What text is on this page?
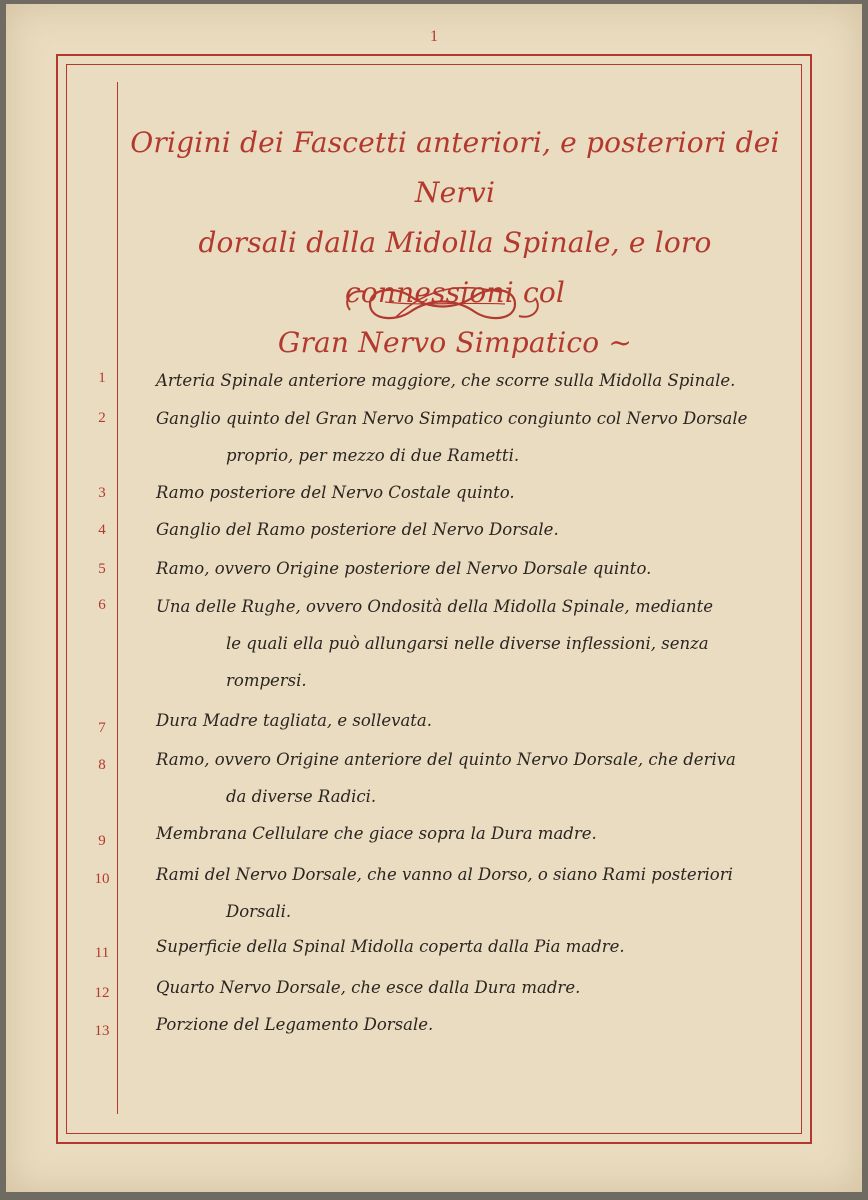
1
Origini dei Fascetti anteriori, e posteriori dei Nervi
dorsali dalla Midolla Spinale, e loro connessioni col
Gran Nervo Simpatico ~
1	Arteria Spinale anteriore maggiore, che scorre sulla Midolla Spinale.
2	Ganglio quinto del Gran Nervo Simpatico congiunto col Nervo Dorsale
proprio, per mezzo di due Rametti.
3	Ramo posteriore del Nervo Costale quinto.
4	Ganglio del Ramo posteriore del Nervo Dorsale.
5	Ramo, ovvero Origine posteriore del Nervo Dorsale quinto.
6	Una delle Rughe, ovvero Ondosità della Midolla Spinale, mediante
le quali ella può allungarsi nelle diverse inflessioni, senza
rompersi.
7	Dura Madre tagliata, e sollevata.
8	Ramo, ovvero Origine anteriore del quinto Nervo Dorsale, che deriva
da diverse Radici.
9	Membrana Cellulare che giace sopra la Dura madre.
10	Rami del Nervo Dorsale, che vanno al Dorso, o siano Rami posteriori
Dorsali.
11	Superficie della Spinal Midolla coperta dalla Pia madre.
12	Quarto Nervo Dorsale, che esce dalla Dura madre.
13	Porzione del Legamento Dorsale.
